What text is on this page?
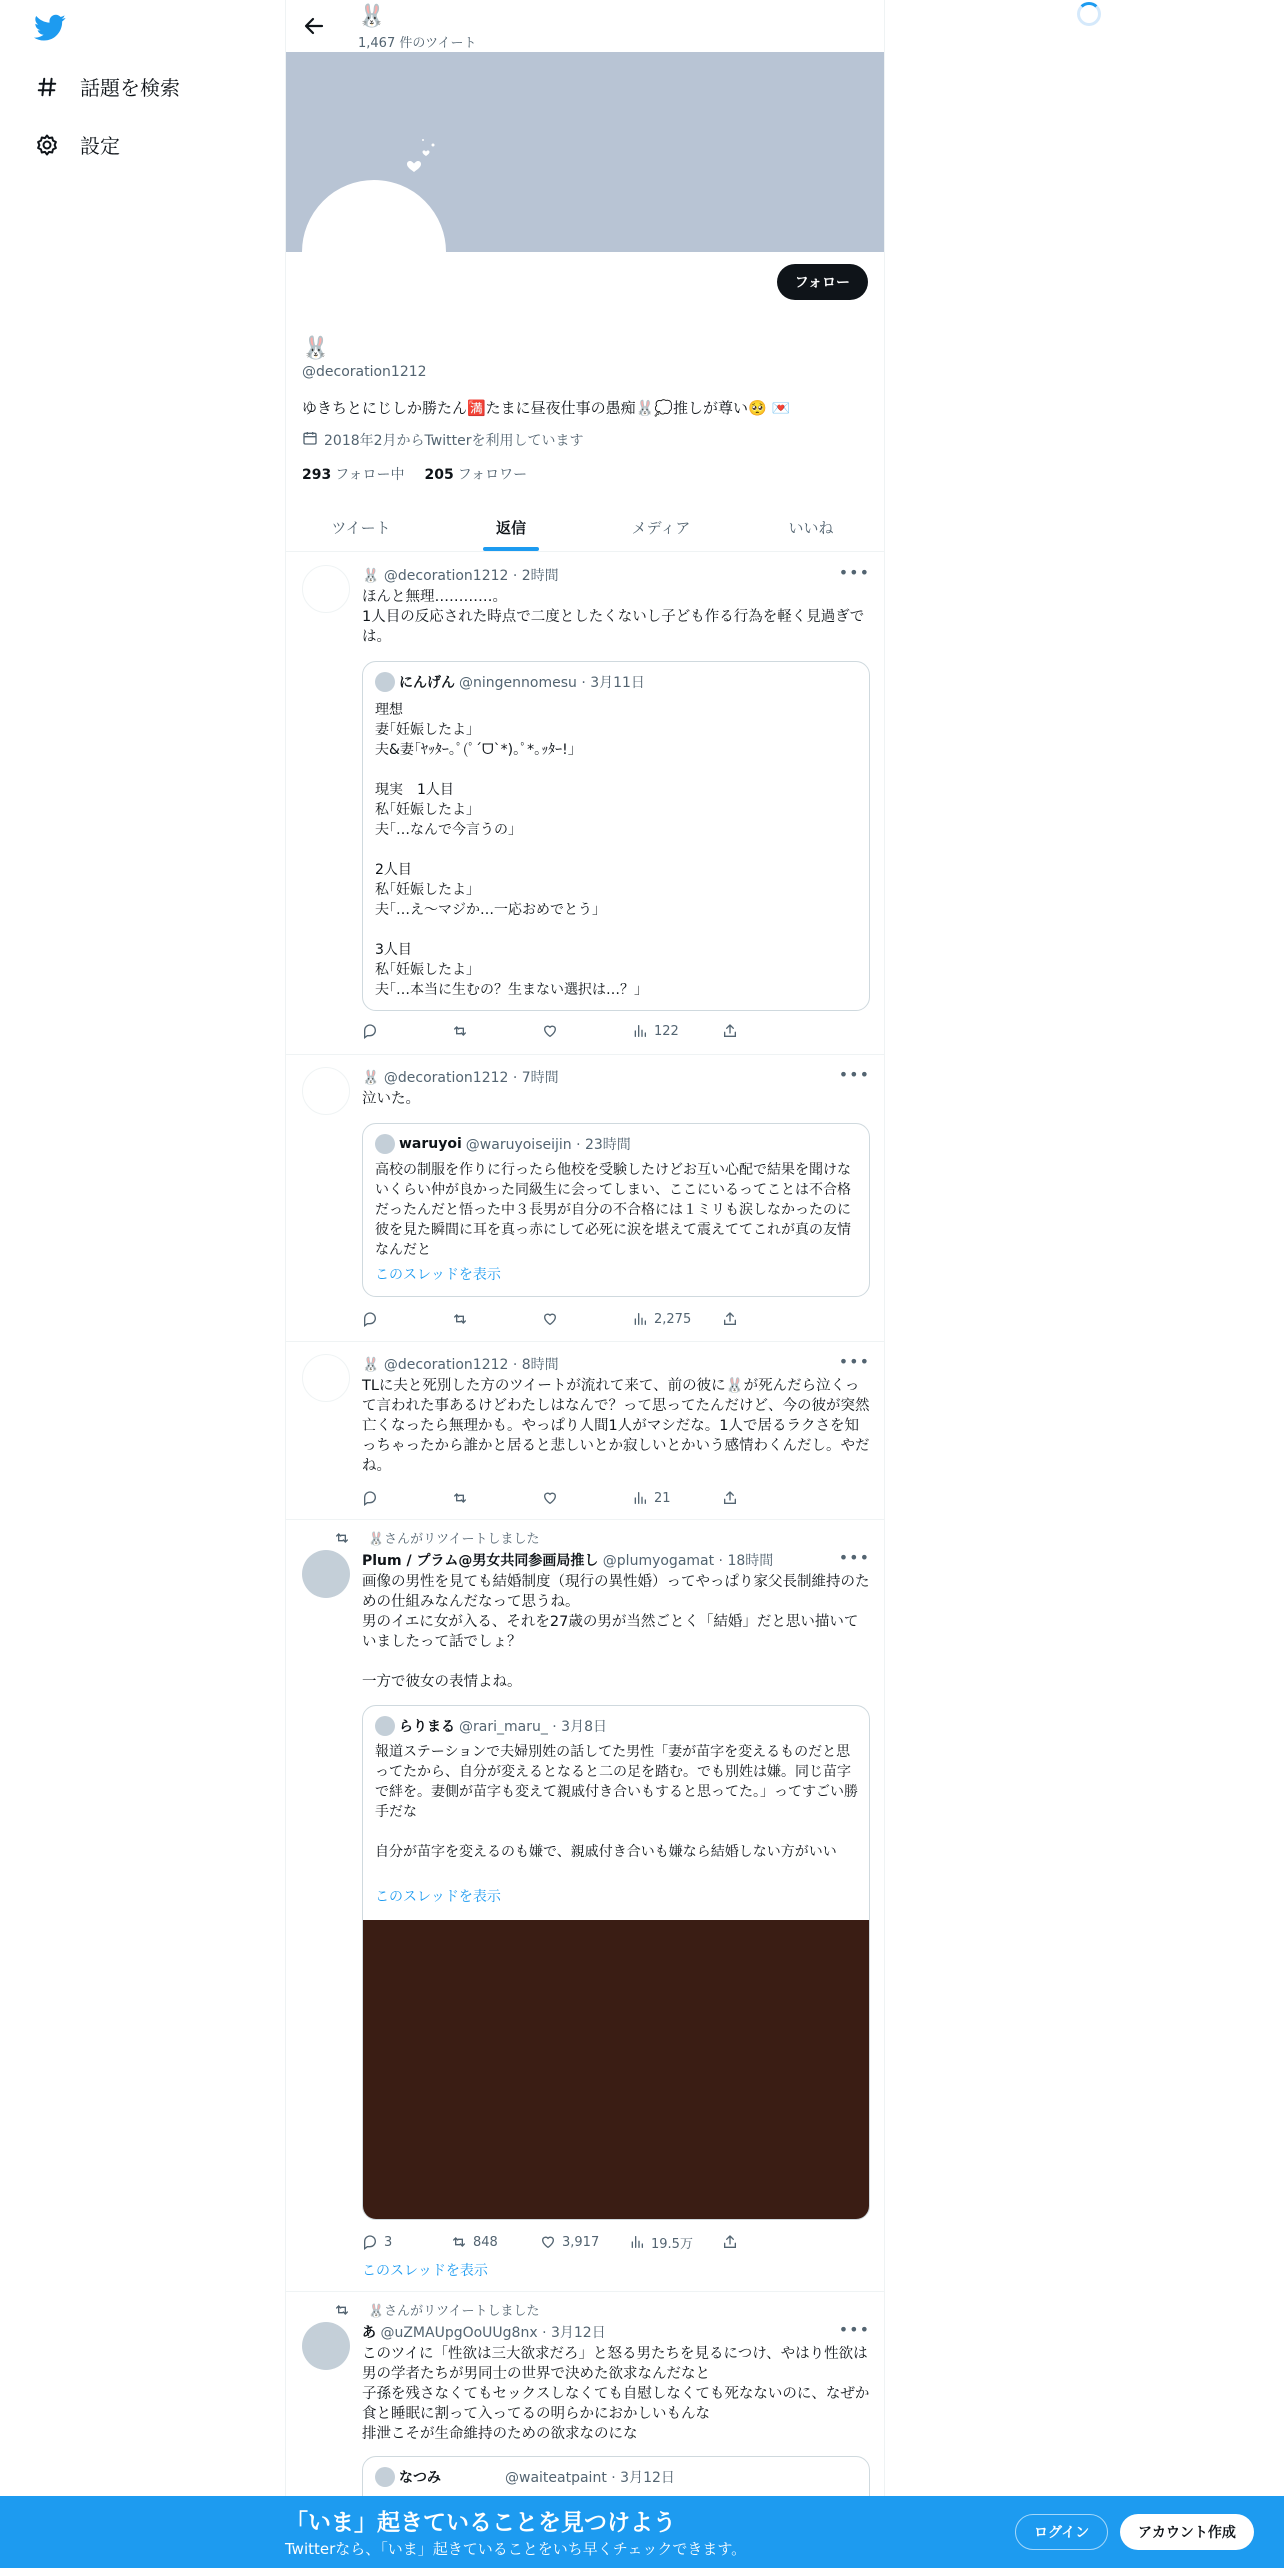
話題を検索
設定
🐰
1,467 件のツイート
フォロー
🐰
@decoration1212
ゆきちとにじしか勝たん🈵たまに昼夜仕事の愚痴🐰💭推しが尊い🥺 💌
2018年2月からTwitterを利用しています
293 フォロー中 205 フォロワー
ツイート	返信	メディア	いいね
🐰 @decoration1212 · 2時間	•••
ほんと無理…………。
1人目の反応された時点で二度としたくないし子ども作る行為を軽く見過ぎでは。
にんげん @ningennomesu · 3月11日
理想
妻｢妊娠したよ｣
夫&妻｢ﾔｯﾀｰ｡ﾟ(ﾟ´ᗜ`*)｡ﾟ*｡ｯﾀｰ!｣

現実　1人目
私｢妊娠したよ｣
夫｢…なんで今言うの｣

2人目
私｢妊娠したよ｣
夫｢…え〜マジか…一応おめでとう｣

3人目
私｢妊娠したよ｣
夫｢…本当に生むの？生まない選択は…？｣
122
🐰 @decoration1212 · 7時間	•••
泣いた。
waruyoi @waruyoiseijin · 23時間
高校の制服を作りに行ったら他校を受験したけどお互い心配で結果を聞けないくらい仲が良かった同級生に会ってしまい、ここにいるってことは不合格だったんだと悟った中３長男が自分の不合格には１ミリも涙しなかったのに彼を見た瞬間に耳を真っ赤にして必死に涙を堪えて震えててこれが真の友情なんだと
このスレッドを表示
2,275
🐰 @decoration1212 · 8時間	•••
TLに夫と死別した方のツイートが流れて来て、前の彼に🐰が死んだら泣くって言われた事あるけどわたしはなんで？って思ってたんだけど、今の彼が突然亡くなったら無理かも。やっぱり人間1人がマシだな。1人で居るラクさを知っちゃったから誰かと居ると悲しいとか寂しいとかいう感情わくんだし。やだね。
21
🐰さんがリツイートしました
Plum / プラム@男女共同参画局推し @plumyogamat · 18時間	•••
画像の男性を見ても結婚制度（現行の異性婚）ってやっぱり家父長制維持のための仕組みなんだなって思うね。
男のイエに女が入る、それを27歳の男が当然ごとく「結婚」だと思い描いていましたって話でしょ？

一方で彼女の表情よね。
らりまる @rari_maru_ · 3月8日
報道ステーションで夫婦別姓の話してた男性「妻が苗字を変えるものだと思ってたから、自分が変えるとなると二の足を踏む。でも別姓は嫌。同じ苗字で絆を。妻側が苗字も変えて親戚付き合いもすると思ってた。」ってすごい勝手だな

自分が苗字を変えるのも嫌で、親戚付き合いも嫌なら結婚しない方がいい
このスレッドを表示
3	848	3,917	19.5万
このスレッドを表示
🐰さんがリツイートしました
あ @uZMAUpgOoUUg8nx · 3月12日	•••
このツイに「性欲は三大欲求だろ」と怒る男たちを見るにつけ、やはり性欲は男の学者たちが男同士の世界で決めた欲求なんだなと
子孫を残さなくてもセックスしなくても自慰しなくても死なないのに、なぜか食と睡眠に割って入ってるの明らかにおかしいもんな
排泄こそが生命維持のための欲求なのにな
なつみ	@waiteatpaint · 3月12日
「いま」起きていることを見つけよう
Twitterなら、「いま」起きていることをいち早くチェックできます。
ログイン	アカウント作成
